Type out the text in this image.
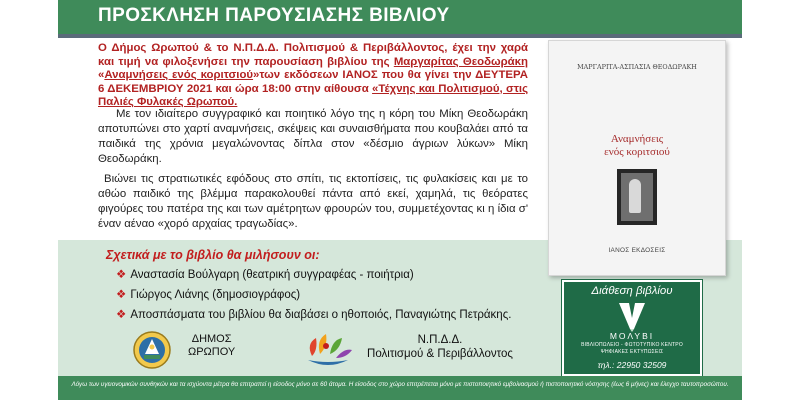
ΠΡΟΣΚΛΗΣΗ ΠΑΡΟΥΣΙΑΣΗΣ ΒΙΒΛΙΟΥ
Ο Δήμος Ωρωπού & το Ν.Π.Δ.Δ. Πολιτισμού & Περιβάλλοντος, έχει την χαρά και τιμή να φιλοξενήσει την παρουσίαση βιβλίου της Μαργαρίτας Θεοδωράκη «Αναμνήσεις ενός κοριτσιού»των εκδόσεων ΙΑΝΟΣ που θα γίνει την ΔΕΥΤΕΡΑ 6 ΔΕΚΕΜΒΡΙΟΥ 2021 και ώρα 18:00 στην αίθουσα «Τέχνης και Πολιτισμού, στις Παλιές Φυλακές Ωρωπού.
Με τον ιδιαίτερο συγγραφικό και ποιητικό λόγο της η κόρη του Μίκη Θεοδωράκη αποτυπώνει στο χαρτί αναμνήσεις, σκέψεις και συναισθήματα που κουβαλάει από τα παιδικά της χρόνια μεγαλώνοντας δίπλα στον «δέσμιο άγριων λύκων» Μίκη Θεοδωράκη.
Βιώνει τις στρατιωτικές εφόδους στο σπίτι, τις εκτοπίσεις, τις φυλακίσεις και με το αθώο παιδικό της βλέμμα παρακολουθεί πάντα από εκεί, χαμηλά, τις θεόρατες φιγούρες του πατέρα της και των αμέτρητων φρουρών του, συμμετέχοντας κι η ίδια σ' έναν αέναο «χορό αρχαίας τραγωδίας».
ΜΑΡΓΑΡΙΤΑ-ΑΣΠΑΣΙΑ ΘΕΟΔΩΡΑΚΗ
Αναμνήσεις
ενός κοριτσιού
ΙΑΝΟΣ ΕΚΔΟΣΕΙΣ
Σχετικά με το βιβλίο θα μιλήσουν οι:
❖ Αναστασία Βούλγαρη (θεατρική συγγραφέας - ποιήτρια)
❖ Γιώργος Λιάνης (δημοσιογράφος)
❖ Αποσπάσματα του βιβλίου θα διαβάσει ο ηθοποιός, Παναγιώτης Πετράκης.
ΔΗΜΟΣ
ΩΡΩΠΟΥ
Ν.Π.Δ.Δ.
Πολιτισμού & Περιβάλλοντος
Διάθεση βιβλίου
ΜΟΛΥΒΙ
ΒΙΒΛΙΟΠΩΛΕΙΟ - ΦΩΤΟΤΥΠΙΚΟ ΚΕΝΤΡΟ ΨΗΦΙΑΚΕΣ ΕΚΤΥΠΩΣΕΙΣ
τηλ.: 22950 32509
Λόγω των υγειονομικών συνθηκών και τα ισχύοντα μέτρα θα επιτραπεί η είσοδος μόνο σε 60 άτομα. Η είσοδος στο χώρο επιτρέπεται μόνο με πιστοποιητικό εμβολιασμού ή πιστοποιητικό νόσησης (έως 6 μήνες) και έλεγχο ταυτοπροσώπου.
